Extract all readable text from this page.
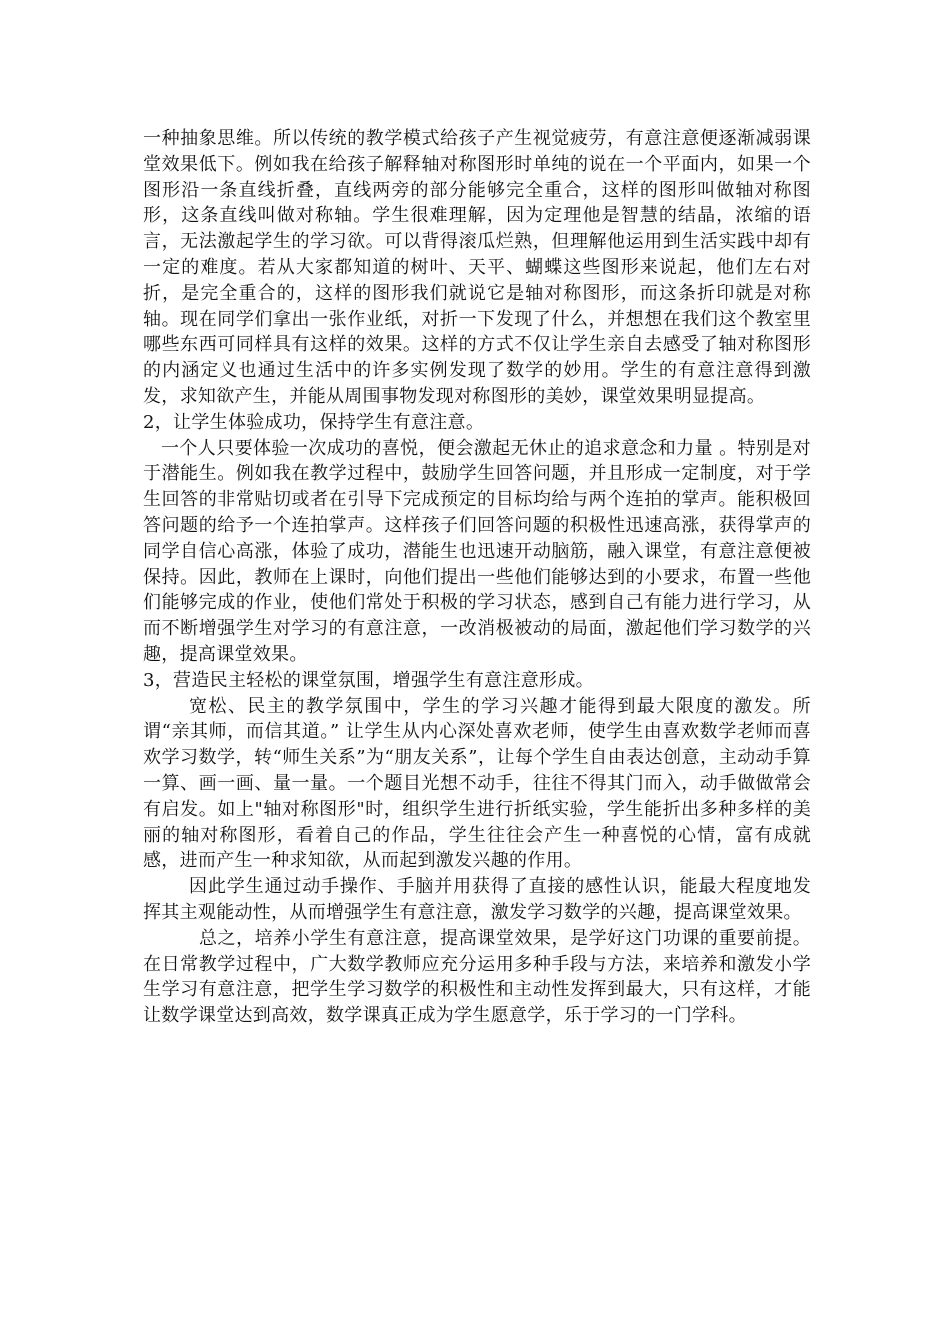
一种抽象思维。所以传统的教学模式给孩子产生视觉疲劳，有意注意便逐渐减弱课堂效果低下。例如我在给孩子解释轴对称图形时单纯的说在一个平面内，如果一个图形沿一条直线折叠，直线两旁的部分能够完全重合，这样的图形叫做轴对称图形，这条直线叫做对称轴。学生很难理解，因为定理他是智慧的结晶，浓缩的语言，无法激起学生的学习欲。可以背得滚瓜烂熟，但理解他运用到生活实践中却有一定的难度。若从大家都知道的树叶、天平、蝴蝶这些图形来说起，他们左右对折，是完全重合的，这样的图形我们就说它是轴对称图形，而这条折印就是对称轴。现在同学们拿出一张作业纸，对折一下发现了什么，并想想在我们这个教室里哪些东西可同样具有这样的效果。这样的方式不仅让学生亲自去感受了轴对称图形的内涵定义也通过生活中的许多实例发现了数学的妙用。学生的有意注意得到激发，求知欲产生，并能从周围事物发现对称图形的美妙，课堂效果明显提高。

2，让学生体验成功，保持学生有意注意。

一个人只要体验一次成功的喜悦，便会激起无休止的追求意念和力量 。特别是对于潜能生。例如我在教学过程中，鼓励学生回答问题，并且形成一定制度，对于学生回答的非常贴切或者在引导下完成预定的目标均给与两个连拍的掌声。能积极回答问题的给予一个连拍掌声。这样孩子们回答问题的积极性迅速高涨，获得掌声的同学自信心高涨，体验了成功，潜能生也迅速开动脑筋，融入课堂，有意注意便被保持。因此，教师在上课时，向他们提出一些他们能够达到的小要求，布置一些他们能够完成的作业，使他们常处于积极的学习状态，感到自己有能力进行学习，从而不断增强学生对学习的有意注意，一改消极被动的局面，激起他们学习数学的兴趣，提高课堂效果。

3，营造民主轻松的课堂氛围，增强学生有意注意形成。

宽松、民主的教学氛围中，学生的学习兴趣才能得到最大限度的激发。所谓“亲其师，而信其道。” 让学生从内心深处喜欢老师，使学生由喜欢数学老师而喜欢学习数学，转“师生关系”为“朋友关系”，让每个学生自由表达创意，主动动手算一算、画一画、量一量。一个题目光想不动手，往往不得其门而入，动手做做常会有启发。如上"轴对称图形"时，组织学生进行折纸实验，学生能折出多种多样的美丽的轴对称图形，看着自己的作品，学生往往会产生一种喜悦的心情，富有成就感，进而产生一种求知欲，从而起到激发兴趣的作用。

因此学生通过动手操作、手脑并用获得了直接的感性认识，能最大程度地发挥其主观能动性，从而增强学生有意注意，激发学习数学的兴趣，提高课堂效果。

总之，培养小学生有意注意，提高课堂效果，是学好这门功课的重要前提。在日常教学过程中，广大数学教师应充分运用多种手段与方法，来培养和激发小学生学习有意注意，把学生学习数学的积极性和主动性发挥到最大，只有这样，才能让数学课堂达到高效，数学课真正成为学生愿意学，乐于学习的一门学科。
